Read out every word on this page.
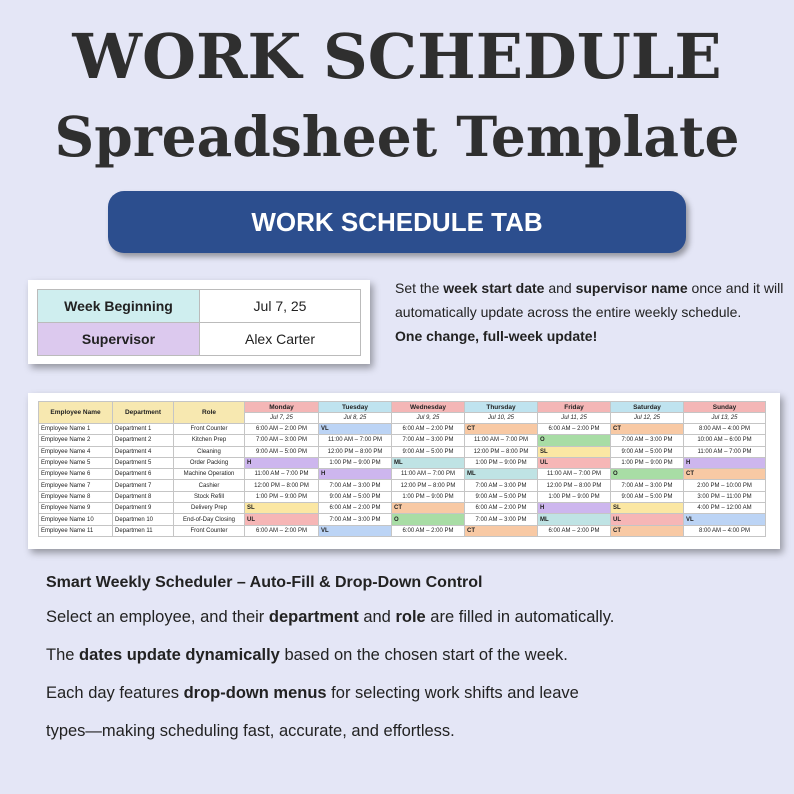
WORK SCHEDULE
Spreadsheet Template
WORK SCHEDULE TAB
Week Beginning	Jul 7, 25
Supervisor	Alex Carter
Set the week start date and supervisor name once and it will automatically update across the entire weekly schedule.
One change, full-week update!
Employee Name	Department	Role	Monday	Tuesday	Wednesday	Thursday	Friday	Saturday	Sunday
			Jul 7, 25	Jul 8, 25	Jul 9, 25	Jul 10, 25	Jul 11, 25	Jul 12, 25	Jul 13, 25
Employee Name 1	Department 1	Front Counter	6:00 AM – 2:00 PM	VL	6:00 AM – 2:00 PM	CT	6:00 AM – 2:00 PM	CT	8:00 AM – 4:00 PM
Employee Name 2	Department 2	Kitchen Prep	7:00 AM – 3:00 PM	11:00 AM – 7:00 PM	7:00 AM – 3:00 PM	11:00 AM – 7:00 PM	O	7:00 AM – 3:00 PM	10:00 AM – 6:00 PM
Employee Name 4	Department 4	Cleaning	9:00 AM – 5:00 PM	12:00 PM – 8:00 PM	9:00 AM – 5:00 PM	12:00 PM – 8:00 PM	SL	9:00 AM – 5:00 PM	11:00 AM – 7:00 PM
Employee Name 5	Department 5	Order Packing	H	1:00 PM – 9:00 PM	ML	1:00 PM – 9:00 PM	UL	1:00 PM – 9:00 PM	H
Employee Name 6	Department 6	Machine Operation	11:00 AM – 7:00 PM	H	11:00 AM – 7:00 PM	ML	11:00 AM – 7:00 PM	O	CT
Employee Name 7	Department 7	Cashier	12:00 PM – 8:00 PM	7:00 AM – 3:00 PM	12:00 PM – 8:00 PM	7:00 AM – 3:00 PM	12:00 PM – 8:00 PM	7:00 AM – 3:00 PM	2:00 PM – 10:00 PM
Employee Name 8	Department 8	Stock Refill	1:00 PM – 9:00 PM	9:00 AM – 5:00 PM	1:00 PM – 9:00 PM	9:00 AM – 5:00 PM	1:00 PM – 9:00 PM	9:00 AM – 5:00 PM	3:00 PM – 11:00 PM
Employee Name 9	Department 9	Delivery Prep	SL	6:00 AM – 2:00 PM	CT	6:00 AM – 2:00 PM	H	SL	4:00 PM – 12:00 AM
Employee Name 10	Departmen 10	End-of-Day Closing	UL	7:00 AM – 3:00 PM	O	7:00 AM – 3:00 PM	ML	UL	VL
Employee Name 11	Departmen 11	Front Counter	6:00 AM – 2:00 PM	VL	6:00 AM – 2:00 PM	CT	6:00 AM – 2:00 PM	CT	8:00 AM – 4:00 PM
Smart Weekly Scheduler – Auto-Fill & Drop-Down Control
Select an employee, and their department and role are filled in automatically.
The dates update dynamically based on the chosen start of the week.
Each day features drop-down menus for selecting work shifts and leave
types—making scheduling fast, accurate, and effortless.
